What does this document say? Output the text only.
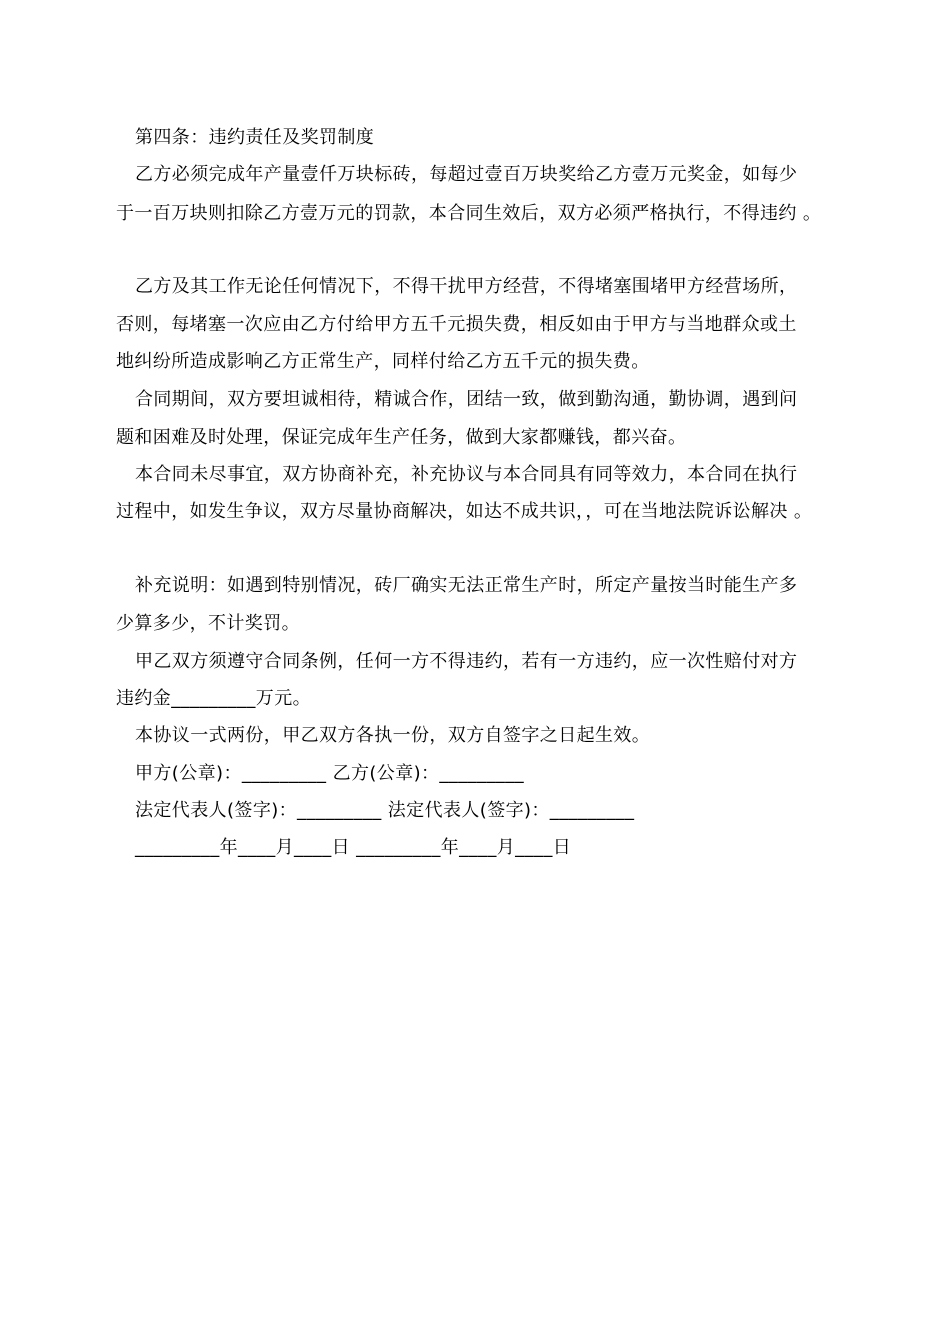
第四条：违约责任及奖罚制度
乙方必须完成年产量壹仟万块标砖，每超过壹百万块奖给乙方壹万元奖金，如每少
于一百万块则扣除乙方壹万元的罚款，本合同生效后，双方必须严格执行，不得违约 。
乙方及其工作无论任何情况下，不得干扰甲方经营，不得堵塞围堵甲方经营场所，
否则，每堵塞一次应由乙方付给甲方五千元损失费，相反如由于甲方与当地群众或土
地纠纷所造成影响乙方正常生产，同样付给乙方五千元的损失费。
合同期间，双方要坦诚相待，精诚合作，团结一致，做到勤沟通，勤协调，遇到问
题和困难及时处理，保证完成年生产任务，做到大家都赚钱，都兴奋。
本合同未尽事宜，双方协商补充，补充协议与本合同具有同等效力，本合同在执行
过程中，如发生争议，双方尽量协商解决，如达不成共识，，可在当地法院诉讼解决 。
补充说明：如遇到特别情况，砖厂确实无法正常生产时，所定产量按当时能生产多
少算多少，不计奖罚。
甲乙双方须遵守合同条例，任何一方不得违约，若有一方违约，应一次性赔付对方
违约金_________万元。
本协议一式两份，甲乙双方各执一份，双方自签字之日起生效。
甲方(公章)：_________ 乙方(公章)：_________
法定代表人(签字)：_________ 法定代表人(签字)：_________
_________年____月____日 _________年____月____日
